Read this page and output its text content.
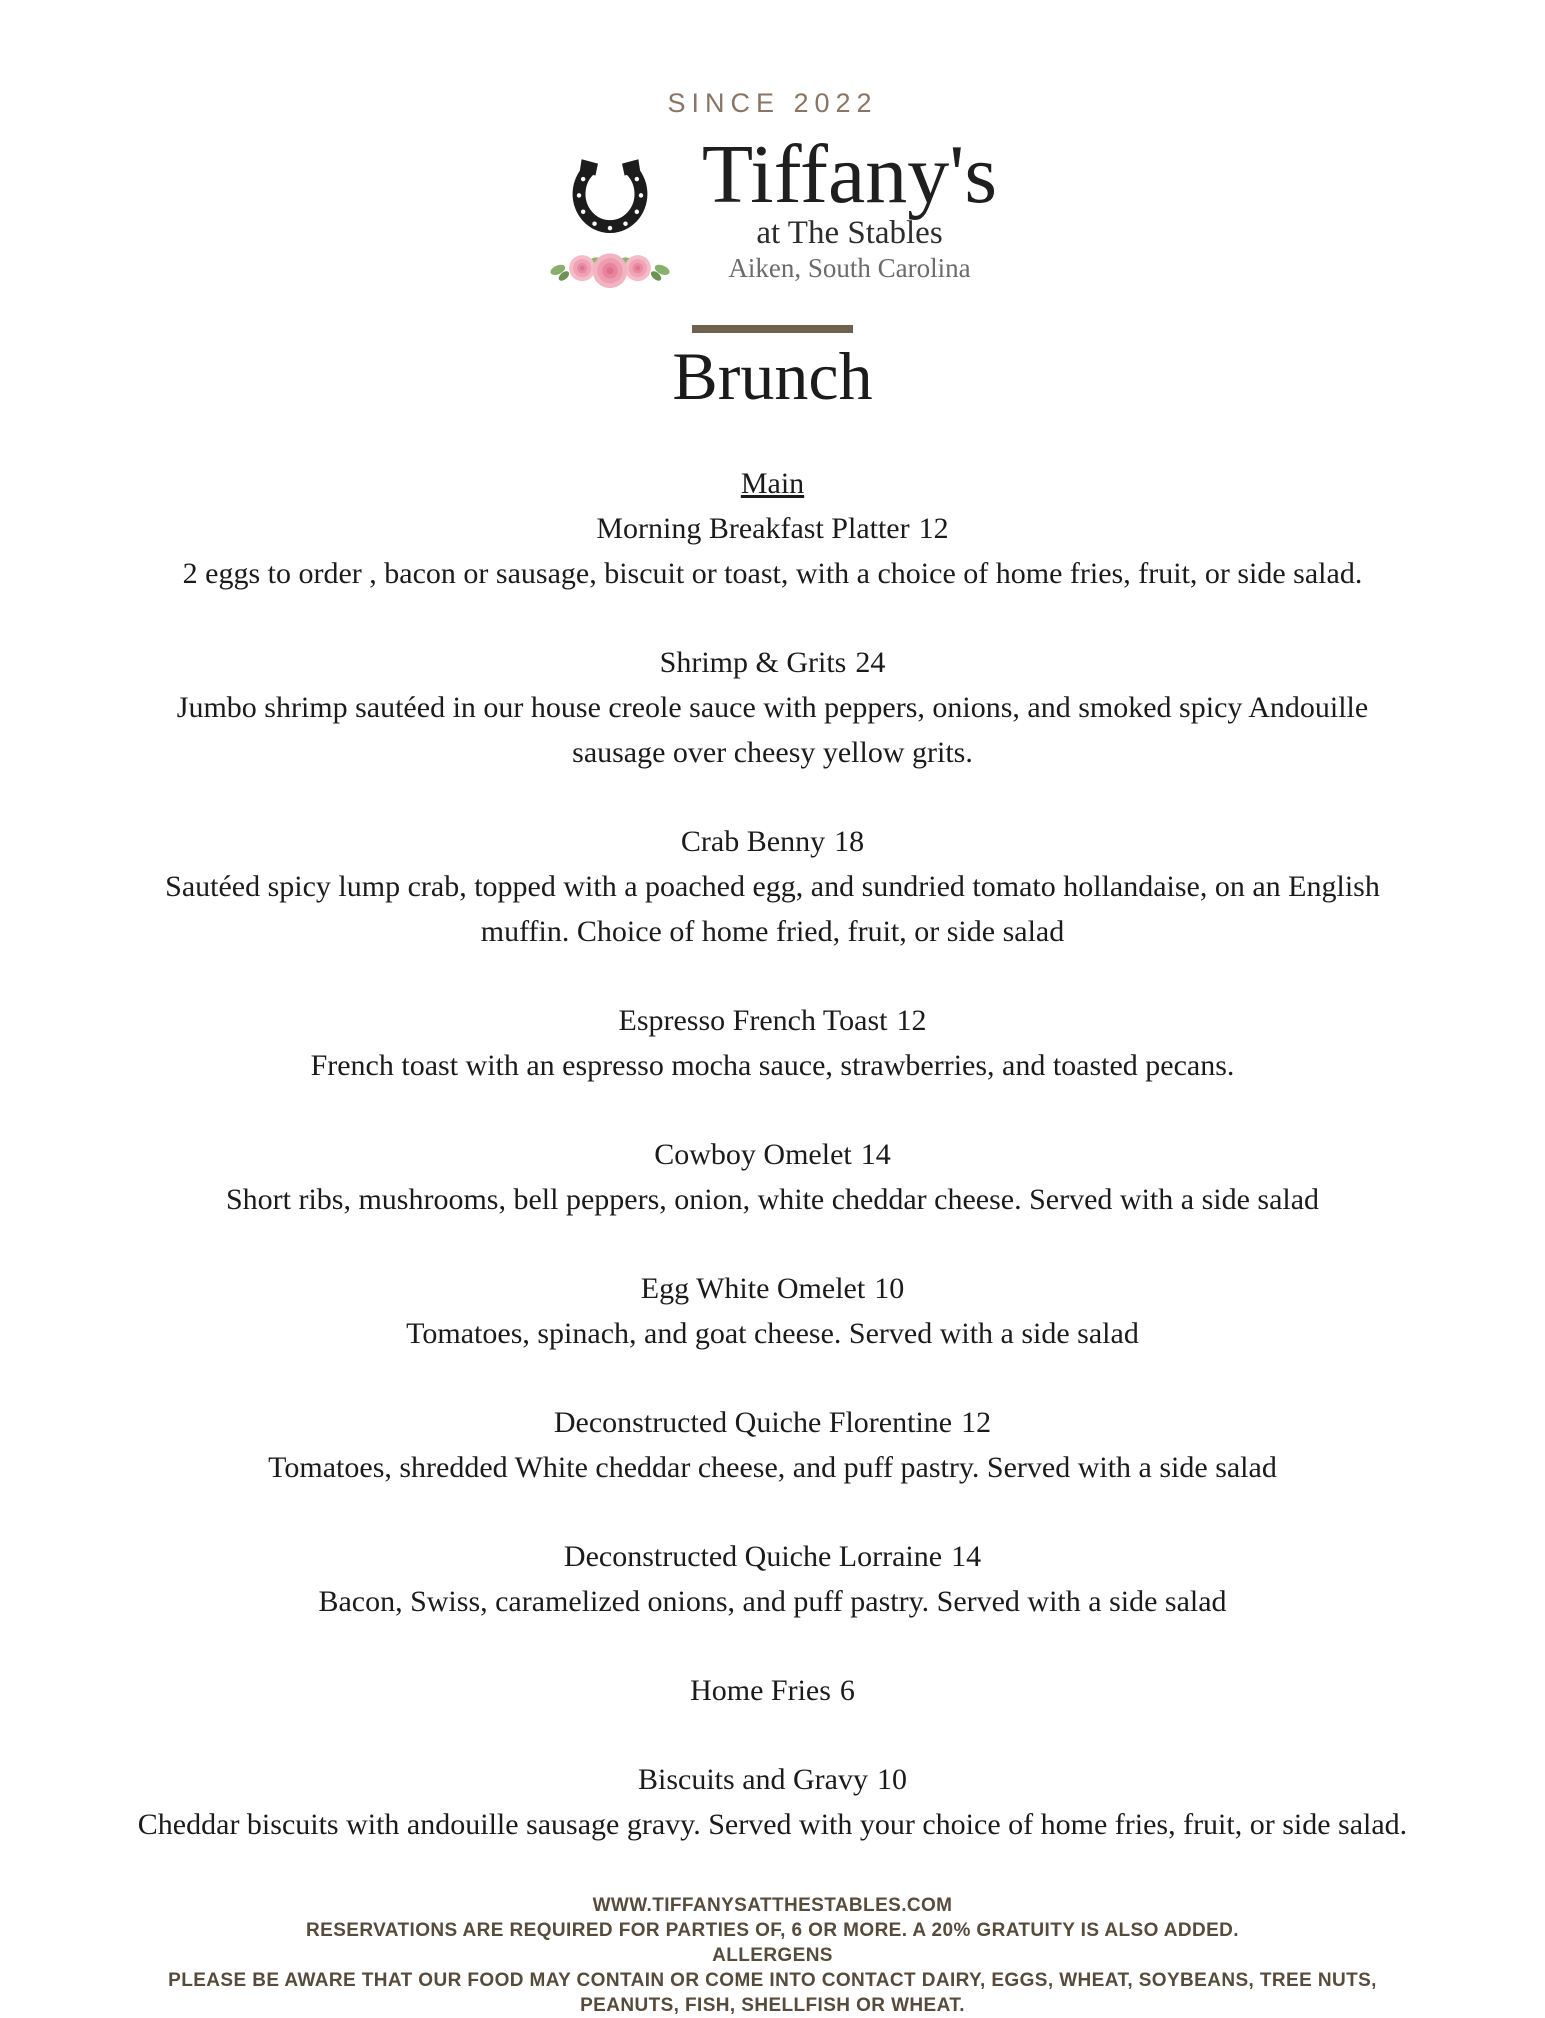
SINCE 2022
Tiffany's
at The Stables
Aiken, South Carolina
Brunch
Main
Morning Breakfast Platter 12
2 eggs to order , bacon or sausage, biscuit or toast, with a choice of home fries, fruit, or side salad.
Shrimp & Grits 24
Jumbo shrimp sautéed in our house creole sauce with peppers, onions, and smoked spicy Andouille
sausage over cheesy yellow grits.
Crab Benny 18
Sautéed spicy lump crab, topped with a poached egg, and sundried tomato hollandaise, on an English
muffin. Choice of home fried, fruit, or side salad
Espresso French Toast 12
French toast with an espresso mocha sauce, strawberries, and toasted pecans.
Cowboy Omelet 14
Short ribs, mushrooms, bell peppers, onion, white cheddar cheese. Served with a side salad
Egg White Omelet 10
Tomatoes, spinach, and goat cheese. Served with a side salad
Deconstructed Quiche Florentine 12
Tomatoes, shredded White cheddar cheese, and puff pastry. Served with a side salad
Deconstructed Quiche Lorraine 14
Bacon, Swiss, caramelized onions, and puff pastry. Served with a side salad
Home Fries 6
Biscuits and Gravy 10
Cheddar biscuits with andouille sausage gravy. Served with your choice of home fries, fruit, or side salad.
WWW.TIFFANYSATTHESTABLES.COM
RESERVATIONS ARE REQUIRED FOR PARTIES OF, 6 OR MORE. A 20% GRATUITY IS ALSO ADDED.
ALLERGENS
PLEASE BE AWARE THAT OUR FOOD MAY CONTAIN OR COME INTO CONTACT DAIRY, EGGS, WHEAT, SOYBEANS, TREE NUTS,
PEANUTS, FISH, SHELLFISH OR WHEAT.
